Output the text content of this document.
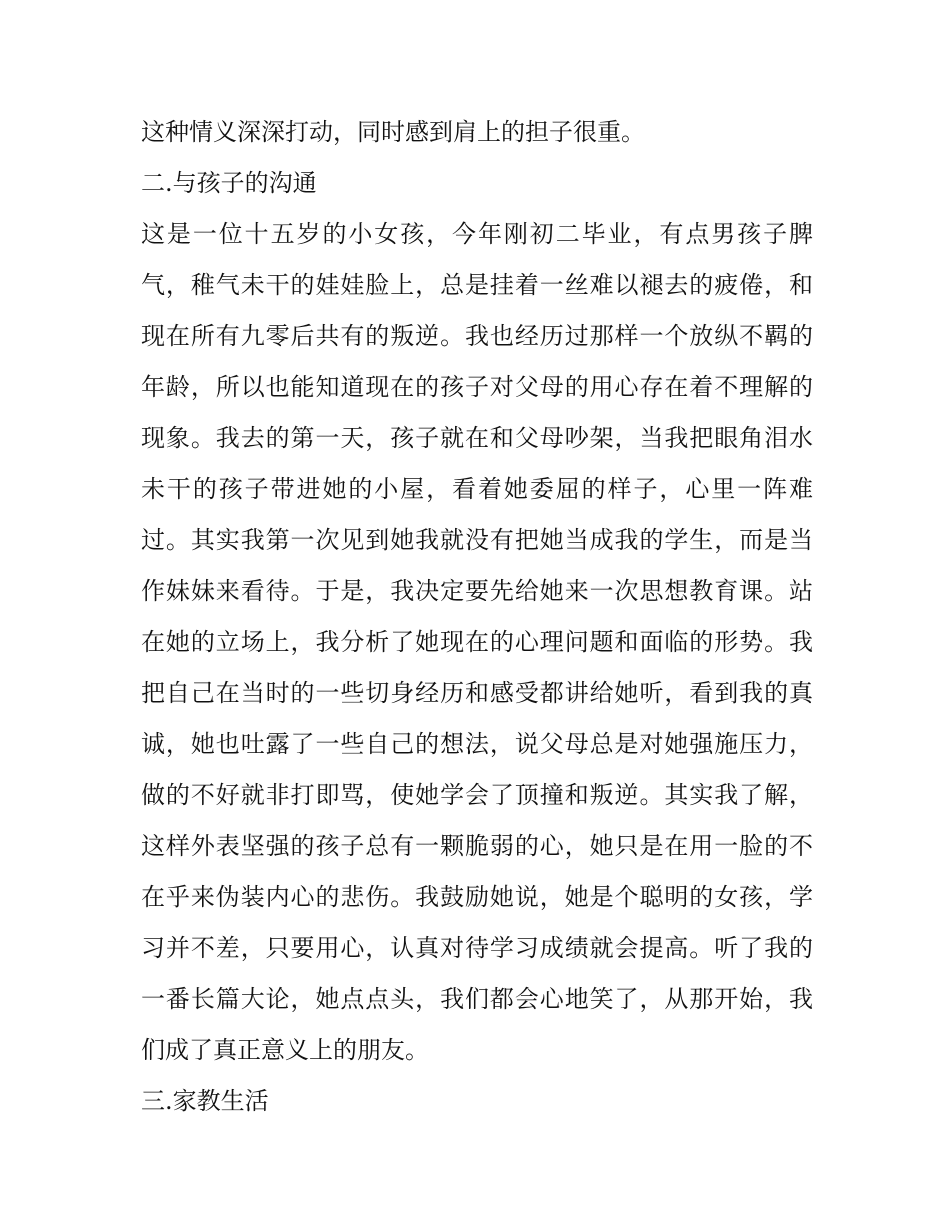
这种情义深深打动，同时感到肩上的担子很重。
二.与孩子的沟通
这是一位十五岁的小女孩，今年刚初二毕业，有点男孩子脾
气，稚气未干的娃娃脸上，总是挂着一丝难以褪去的疲倦，和
现在所有九零后共有的叛逆。我也经历过那样一个放纵不羁的
年龄，所以也能知道现在的孩子对父母的用心存在着不理解的
现象。我去的第一天，孩子就在和父母吵架，当我把眼角泪水
未干的孩子带进她的小屋，看着她委屈的样子，心里一阵难
过。其实我第一次见到她我就没有把她当成我的学生，而是当
作妹妹来看待。于是，我决定要先给她来一次思想教育课。站
在她的立场上，我分析了她现在的心理问题和面临的形势。我
把自己在当时的一些切身经历和感受都讲给她听，看到我的真
诚，她也吐露了一些自己的想法，说父母总是对她强施压力，
做的不好就非打即骂，使她学会了顶撞和叛逆。其实我了解，
这样外表坚强的孩子总有一颗脆弱的心，她只是在用一脸的不
在乎来伪装内心的悲伤。我鼓励她说，她是个聪明的女孩，学
习并不差，只要用心，认真对待学习成绩就会提高。听了我的
一番长篇大论，她点点头，我们都会心地笑了，从那开始，我
们成了真正意义上的朋友。
三.家教生活
